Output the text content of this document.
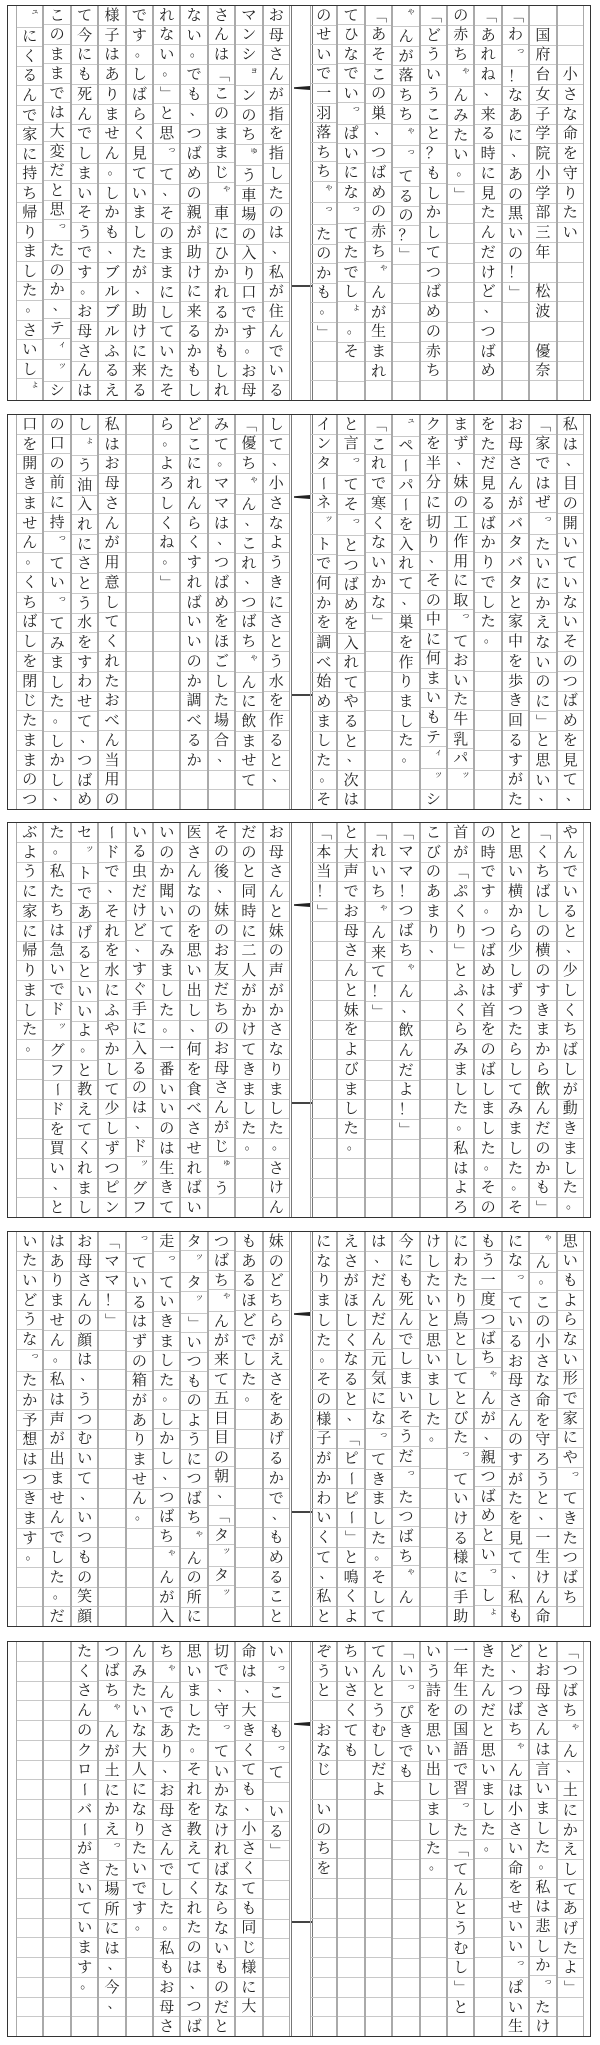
小
さ
な
命
を
守
り
た
い
国
府
台
女
子
学
院
小
学
部
三
年
松
波
優
奈
「
わ
っ
！
な
あ
に
、
あ
の
黒
い
の
！
」
「
あ
れ
ね
、
来
る
時
に
見
た
ん
だ
け
ど
、
つ
ば
め
の
赤
ち
ゃ
ん
み
た
い
。
」
「
ど
う
い
う
こ
と
？
も
し
か
し
て
つ
ば
め
の
赤
ち
ゃ
ん
が
落
ち
ち
ゃ
っ
て
る
の
？
」
「
あ
そ
こ
の
巣
、
つ
ば
め
の
赤
ち
ゃ
ん
が
生
ま
れ
て
ひ
な
で
い
っ
ぱ
い
に
な
っ
て
た
で
し
ょ
。
そ
の
せ
い
で
一
羽
落
ち
ち
ゃ
っ
た
の
か
も
。
」
お
母
さ
ん
が
指
を
指
し
た
の
は
、
私
が
住
ん
で
い
る
マ
ン
シ
ョ
ン
の
ち
ゅ
う
車
場
の
入
り
口
で
す
。
お
母
さ
ん
は
「
こ
の
ま
ま
じ
ゃ
車
に
ひ
か
れ
る
か
も
し
れ
な
い
。
で
も
、
つ
ば
め
の
親
が
助
け
に
来
る
か
も
し
れ
な
い
。
」
と
思
っ
て
、
そ
の
ま
ま
に
し
て
い
た
そ
で
す
。
し
ば
ら
く
見
て
い
ま
し
た
が
、
助
け
に
来
る
様
子
は
あ
り
ま
せ
ん
。
し
か
も
、
ブ
ル
ブ
ル
ふ
る
え
て
今
に
も
死
ん
で
し
ま
い
そ
う
で
す
。
お
母
さ
ん
は
こ
の
ま
ま
で
は
大
変
だ
と
思
っ
た
の
か
、
テ
ィ
ッ
シ
ュ
に
く
る
ん
で
家
に
持
ち
帰
り
ま
し
た
。
さ
い
し
ょ
私
は
、
目
の
開
い
て
い
な
い
そ
の
つ
ば
め
を
見
て
、
「
家
で
は
ぜ
っ
た
い
に
か
え
な
い
の
に
」
と
思
い
、
お
母
さ
ん
が
バ
タ
バ
タ
と
家
中
を
歩
き
回
る
す
が
た
を
た
だ
見
る
ば
か
り
で
し
た
。
ま
ず
、
妹
の
工
作
用
に
取
っ
て
お
い
た
牛
乳
パ
ッ
ク
を
半
分
に
切
り
、
そ
の
中
に
何
ま
い
も
テ
ィ
ッ
シ
ュ
ペ
ー
パ
ー
を
入
れ
て
、
巣
を
作
り
ま
し
た
。
「
こ
れ
で
寒
く
な
い
か
な
」
と
言
っ
て
そ
っ
と
つ
ば
め
を
入
れ
て
や
る
と
、
次
は
イ
ン
タ
ー
ネ
ッ
ト
で
何
か
を
調
べ
始
め
ま
し
た
。
そ
し
て
、
小
さ
な
よ
う
き
に
さ
と
う
水
を
作
る
と
、
「
優
ち
ゃ
ん
、
こ
れ
、
つ
ば
ち
ゃ
ん
に
飲
ま
せ
て
み
て
。
マ
マ
は
、
つ
ば
め
を
ほ
ご
し
た
場
合
、
ど
こ
に
れ
ん
ら
く
す
れ
ば
い
い
の
か
調
べ
る
か
ら
。
よ
ろ
し
く
ね
。
」
私
は
お
母
さ
ん
が
用
意
し
て
く
れ
た
お
べ
ん
当
用
の
し
ょ
う
油
入
れ
に
さ
と
う
水
を
す
わ
せ
て
、
つ
ば
め
の
口
の
前
に
持
っ
て
い
っ
て
み
ま
し
た
。
し
か
し
、
口
を
開
き
ま
せ
ん
。
く
ち
ば
し
を
閉
じ
た
ま
ま
の
つ
や
ん
で
い
る
と
、
少
し
く
ち
ば
し
が
動
き
ま
し
た
。
「
く
ち
ば
し
の
横
の
す
き
ま
か
ら
飲
ん
だ
の
か
も
」
と
思
い
横
か
ら
少
し
ず
つ
た
ら
し
て
み
ま
し
た
。
そ
の
時
で
す
。
つ
ば
め
は
首
を
の
ば
し
ま
し
た
。
そ
の
首
が
「
ぷ
く
り
」
と
ふ
く
ら
み
ま
し
た
。
私
は
よ
ろ
こ
び
の
あ
ま
り
、
「
マ
マ
！
つ
ば
ち
ゃ
ん
、
飲
ん
だ
よ
！
」
「
れ
い
ち
ゃ
ん
来
て
！
」
と
大
声
で
お
母
さ
ん
と
妹
を
よ
び
ま
し
た
。
「
本
当
！
」
お
母
さ
ん
と
妹
の
声
が
か
さ
な
り
ま
し
た
。
さ
け
ん
だ
の
と
同
時
に
二
人
が
か
け
て
き
ま
し
た
。
そ
の
後
、
妹
の
お
友
だ
ち
の
お
母
さ
ん
が
じ
ゅ
う
医
さ
ん
な
の
を
思
い
出
し
、
何
を
食
べ
さ
せ
れ
ば
い
い
の
か
聞
い
て
み
ま
し
た
。
一
番
い
い
の
は
生
き
て
い
る
虫
だ
け
ど
、
す
ぐ
手
に
入
る
の
は
、
ド
ッ
グ
フ
ー
ド
で
、
そ
れ
を
水
に
ふ
や
か
し
て
少
し
ず
つ
ピ
ン
セ
ッ
ト
で
あ
げ
る
と
い
い
よ
。
と
教
え
て
く
れ
ま
し
た
。
私
た
ち
は
急
い
で
ド
ッ
グ
フ
ー
ド
を
買
い
、
と
ぶ
よ
う
に
家
に
帰
り
ま
し
た
。
思
い
も
よ
ら
な
い
形
で
家
に
や
っ
て
き
た
つ
ば
ち
ゃ
ん
。
こ
の
小
さ
な
命
を
守
ろ
う
と
、
一
生
け
ん
命
に
な
っ
て
い
る
お
母
さ
ん
の
す
が
た
を
見
て
、
私
も
も
う
一
度
つ
ば
ち
ゃ
ん
が
、
親
つ
ば
め
と
い
っ
し
ょ
に
わ
た
り
鳥
と
し
て
と
び
た
っ
て
い
け
る
様
に
手
助
け
し
た
い
と
思
い
ま
し
た
。
今
に
も
死
ん
で
し
ま
い
そ
う
だ
っ
た
つ
ば
ち
ゃ
ん
は
、
だ
ん
だ
ん
元
気
に
な
っ
て
き
ま
し
た
。
そ
し
て
え
さ
が
ほ
し
く
な
る
と
、
「
ピ
ー
ピ
ー
」
と
鳴
く
よ
に
な
り
ま
し
た
。
そ
の
様
子
が
か
わ
い
く
て
、
私
と
妹
の
ど
ち
ら
が
え
さ
を
あ
げ
る
か
で
、
も
め
る
こ
と
も
あ
る
ほ
ど
で
し
た
。
つ
ば
ち
ゃ
ん
が
来
て
五
日
目
の
朝
、
「
タ
ッ
タ
ッ
タ
ッ
タ
ッ
」
い
つ
も
の
よ
う
に
つ
ば
ち
ゃ
ん
の
所
に
走
っ
て
い
き
ま
し
た
。
し
か
し
、
つ
ば
ち
ゃ
ん
が
入
っ
て
い
る
は
ず
の
箱
が
あ
り
ま
せ
ん
。
「
マ
マ
！
」
お
母
さ
ん
の
顔
は
、
う
つ
む
い
て
、
い
つ
も
の
笑
顔
は
あ
り
ま
せ
ん
。
私
は
声
が
出
ま
せ
ん
で
し
た
。
だ
い
た
い
ど
う
な
っ
た
か
予
想
は
つ
き
ま
す
。
「
つ
ば
ち
ゃ
ん
、
土
に
か
え
し
て
あ
げ
た
よ
」
と
お
母
さ
ん
は
言
い
ま
し
た
。
私
は
悲
し
か
っ
た
け
ど
、
つ
ば
ち
ゃ
ん
は
小
さ
い
命
を
せ
い
い
っ
ぱ
い
生
き
た
ん
だ
と
思
い
ま
し
た
。
一
年
生
の
国
語
で
習
っ
た
「
て
ん
と
う
む
し
」
と
い
う
詩
を
思
い
出
し
ま
し
た
。
「
い
っ
ぴ
き
で
も
て
ん
と
う
む
し
だ
よ
ち
い
さ
く
て
も
ぞ
う
と
お
な
じ
い
の
ち
を
い
っ
こ
も
っ
て
い
る
」
命
は
、
大
き
く
て
も
、
小
さ
く
て
も
同
じ
様
に
大
切
で
、
守
っ
て
い
か
な
け
れ
ば
な
ら
な
い
も
の
だ
と
思
い
ま
し
た
。
そ
れ
を
教
え
て
く
れ
た
の
は
、
つ
ば
ち
ゃ
ん
で
あ
り
、
お
母
さ
ん
で
し
た
。
私
も
お
母
さ
ん
み
た
い
な
大
人
に
な
り
た
い
で
す
。
つ
ば
ち
ゃ
ん
が
土
に
か
え
っ
た
場
所
に
は
、
今
、
た
く
さ
ん
の
ク
ロ
ー
バ
ー
が
さ
い
て
い
ま
す
。
